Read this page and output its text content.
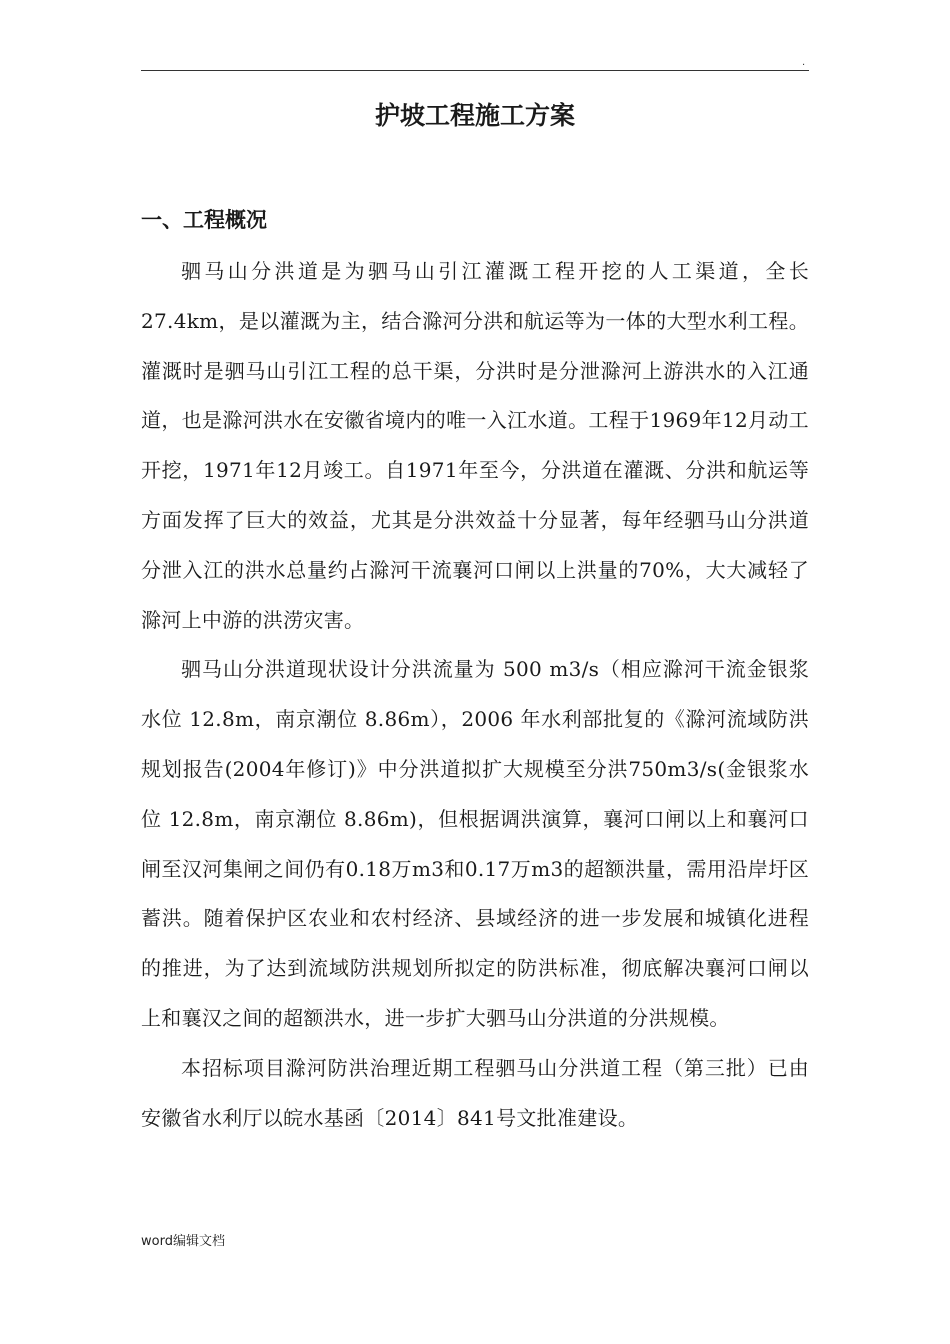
.
护坡工程施工方案
一、工程概况

驷马山分洪道是为驷马山引江灌溉工程开挖的人工渠道，全长27.4km，是以灌溉为主，结合滁河分洪和航运等为一体的大型水利工程。灌溉时是驷马山引江工程的总干渠，分洪时是分泄滁河上游洪水的入江通道，也是滁河洪水在安徽省境内的唯一入江水道。工程于1969年12月动工开挖，1971年12月竣工。自1971年至今，分洪道在灌溉、分洪和航运等方面发挥了巨大的效益，尤其是分洪效益十分显著，每年经驷马山分洪道分泄入江的洪水总量约占滁河干流襄河口闸以上洪量的70%，大大减轻了滁河上中游的洪涝灾害。

驷马山分洪道现状设计分洪流量为 500 m3/s（相应滁河干流金银浆水位 12.8m，南京潮位 8.86m），2006 年水利部批复的《滁河流域防洪规划报告(2004年修订)》中分洪道拟扩大规模至分洪750m3/s(金银浆水位 12.8m，南京潮位 8.86m)，但根据调洪演算，襄河口闸以上和襄河口闸至汉河集闸之间仍有0.18万m3和0.17万m3的超额洪量，需用沿岸圩区蓄洪。随着保护区农业和农村经济、县域经济的进一步发展和城镇化进程的推进，为了达到流域防洪规划所拟定的防洪标准，彻底解决襄河口闸以上和襄汉之间的超额洪水，进一步扩大驷马山分洪道的分洪规模。

本招标项目滁河防洪治理近期工程驷马山分洪道工程（第三批）已由安徽省水利厅以皖水基函〔2014〕841号文批准建设。

word编辑文档
